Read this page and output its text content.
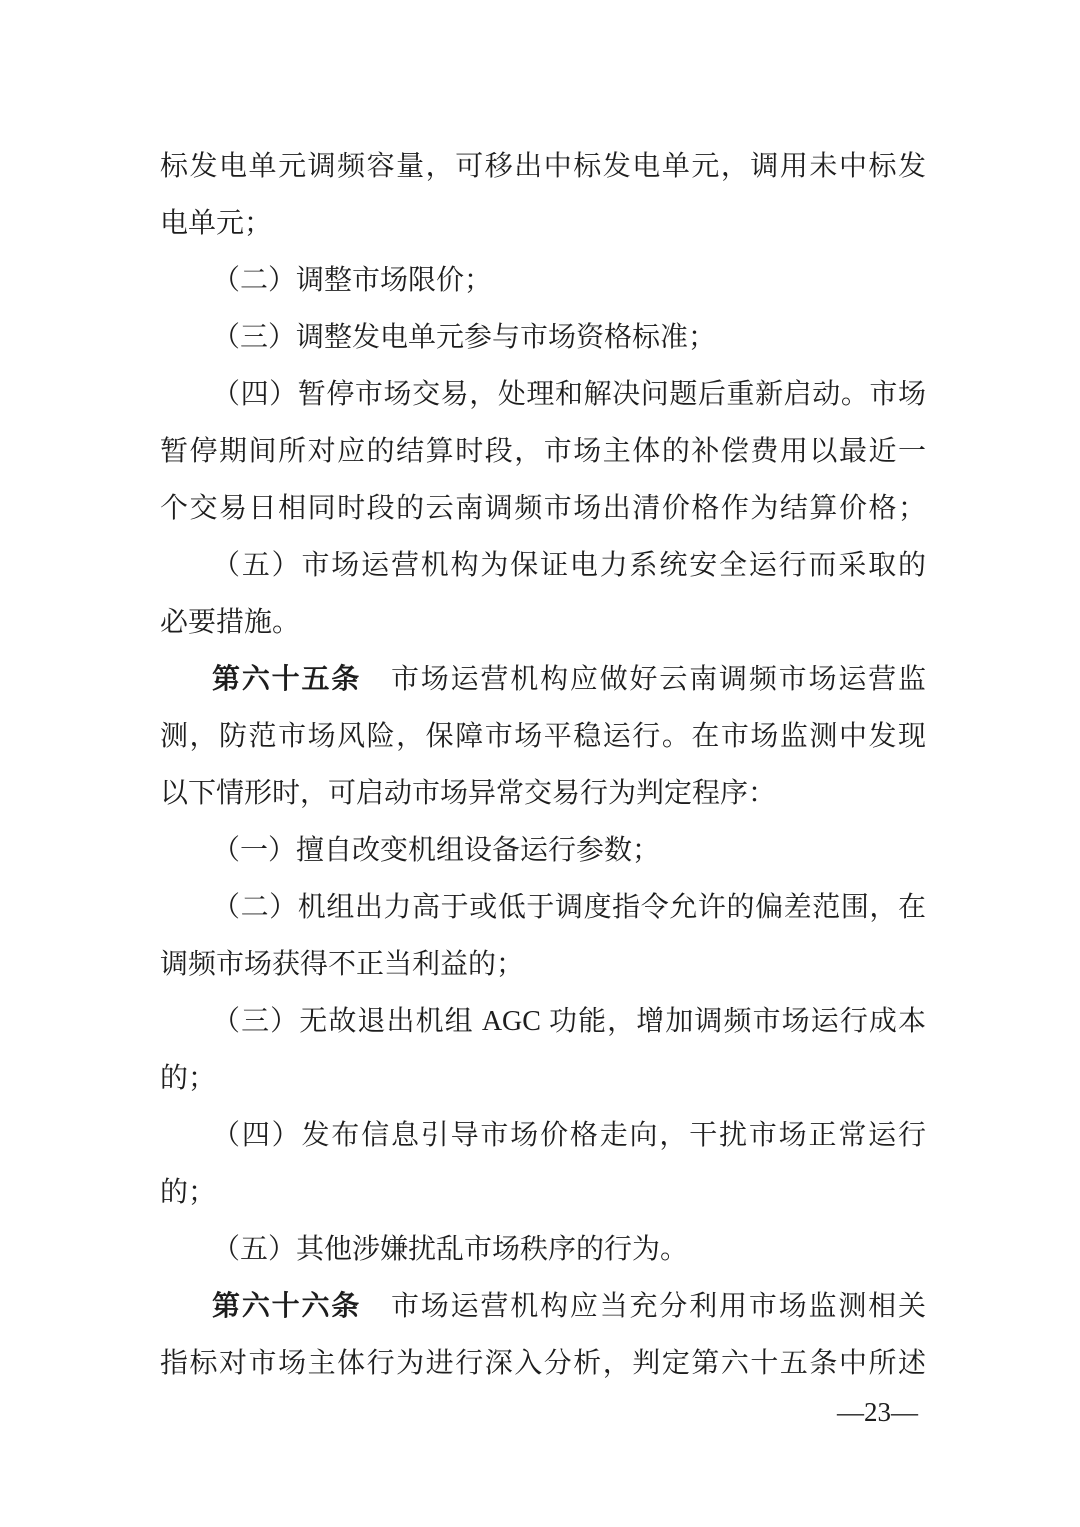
标发电单元调频容量，可移出中标发电单元，调用未中标发
电单元；
（二）调整市场限价；
（三）调整发电单元参与市场资格标准；
（四）暂停市场交易，处理和解决问题后重新启动。市场
暂停期间所对应的结算时段，市场主体的补偿费用以最近一
个交易日相同时段的云南调频市场出清价格作为结算价格；
（五）市场运营机构为保证电力系统安全运行而采取的
必要措施。
第六十五条　市场运营机构应做好云南调频市场运营监
测，防范市场风险，保障市场平稳运行。在市场监测中发现
以下情形时，可启动市场异常交易行为判定程序：
（一）擅自改变机组设备运行参数；
（二）机组出力高于或低于调度指令允许的偏差范围，在
调频市场获得不正当利益的；
（三）无故退出机组 AGC 功能，增加调频市场运行成本
的；
（四）发布信息引导市场价格走向，干扰市场正常运行
的；
（五）其他涉嫌扰乱市场秩序的行为。
第六十六条　市场运营机构应当充分利用市场监测相关
指标对市场主体行为进行深入分析，判定第六十五条中所述
—23—
